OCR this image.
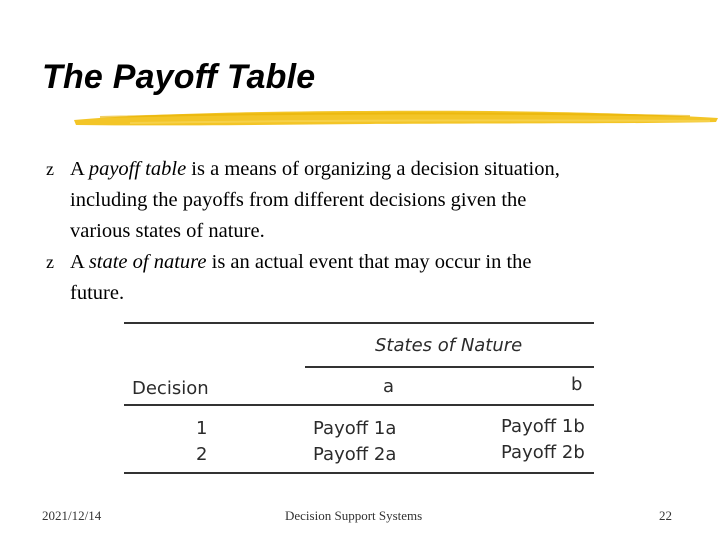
The Payoff Table
z A payoff table is a means of organizing a decision situation,
including the payoffs from different decisions given the
various states of nature.
z A state of nature is an actual event that may occur in the
future.
States of Nature
Decision	a	b
1	Payoff 1a	Payoff 1b
2	Payoff 2a	Payoff 2b
2021/12/14	Decision Support Systems	22
